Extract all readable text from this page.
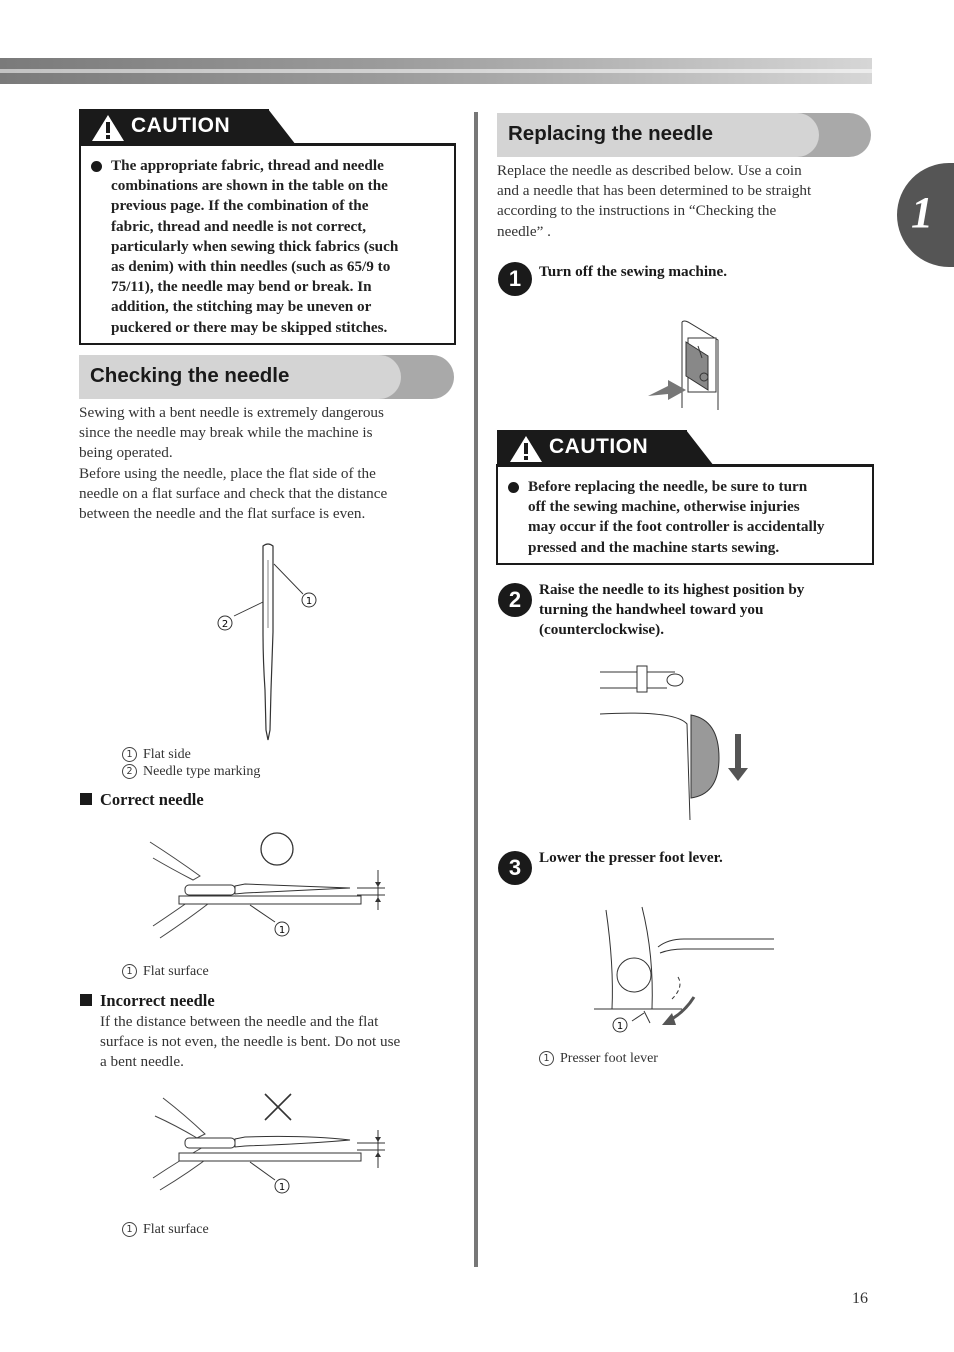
1
CAUTION
The appropriate fabric, thread and needle
combinations are shown in the table on the
previous page. If the combination of the
fabric, thread and needle is not correct,
particularly when sewing thick fabrics (such
as denim) with thin needles (such as 65/9 to
75/11), the needle may bend or break. In
addition, the stitching may be uneven or
puckered or there may be skipped stitches.
Checking the needle
Sewing with a bent needle is extremely dangerous
since the needle may break while the machine is
being operated.
Before using the needle, place the flat side of the
needle on a flat surface and check that the distance
between the needle and the flat surface is even.
1
2
1 Flat side
2 Needle type marking
Correct needle
1
1 Flat surface
Incorrect needle
If the distance between the needle and the flat
surface is not even, the needle is bent. Do not use
a bent needle.
1
1 Flat surface
Replacing the needle
Replace the needle as described below. Use a coin
and a needle that has been determined to be straight
according to the instructions in “Checking the
needle” .
1	Turn off the sewing machine.
CAUTION
Before replacing the needle, be sure to turn
off the sewing machine, otherwise injuries
may occur if the foot controller is accidentally
pressed and the machine starts sewing.
2	Raise the needle to its highest position by
turning the handwheel toward you
(counterclockwise).
3	Lower the presser foot lever.
1
1 Presser foot lever
16
